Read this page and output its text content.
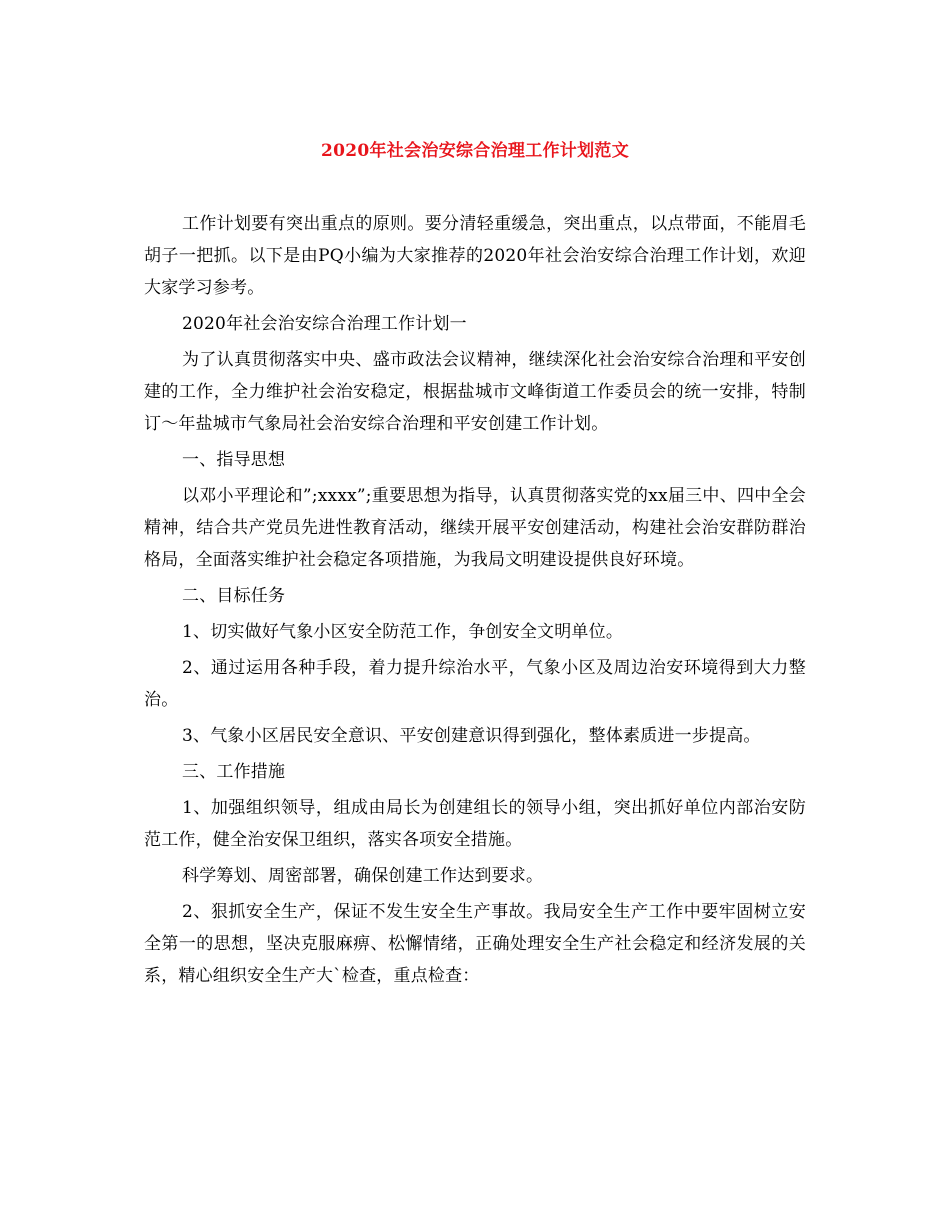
2020年社会治安综合治理工作计划范文

工作计划要有突出重点的原则。要分清轻重缓急，突出重点，以点带面，不能眉毛胡子一把抓。以下是由PQ小编为大家推荐的2020年社会治安综合治理工作计划，欢迎大家学习参考。

2020年社会治安综合治理工作计划一

为了认真贯彻落实中央、盛市政法会议精神，继续深化社会治安综合治理和平安创建的工作，全力维护社会治安稳定，根据盐城市文峰街道工作委员会的统一安排，特制订～年盐城市气象局社会治安综合治理和平安创建工作计划。

一、指导思想

以邓小平理论和”;xxxx”;重要思想为指导，认真贯彻落实党的xx届三中、四中全会精神，结合共产党员先进性教育活动，继续开展平安创建活动，构建社会治安群防群治格局，全面落实维护社会稳定各项措施，为我局文明建设提供良好环境。

二、目标任务

1、切实做好气象小区安全防范工作，争创安全文明单位。

2、通过运用各种手段，着力提升综治水平，气象小区及周边治安环境得到大力整治。

3、气象小区居民安全意识、平安创建意识得到强化，整体素质进一步提高。

三、工作措施

1、加强组织领导，组成由局长为创建组长的领导小组，突出抓好单位内部治安防范工作，健全治安保卫组织，落实各项安全措施。

科学筹划、周密部署，确保创建工作达到要求。

2、狠抓安全生产，保证不发生安全生产事故。我局安全生产工作中要牢固树立安全第一的思想，坚决克服麻痹、松懈情绪，正确处理安全生产社会稳定和经济发展的关系，精心组织安全生产大`检查，重点检查：
